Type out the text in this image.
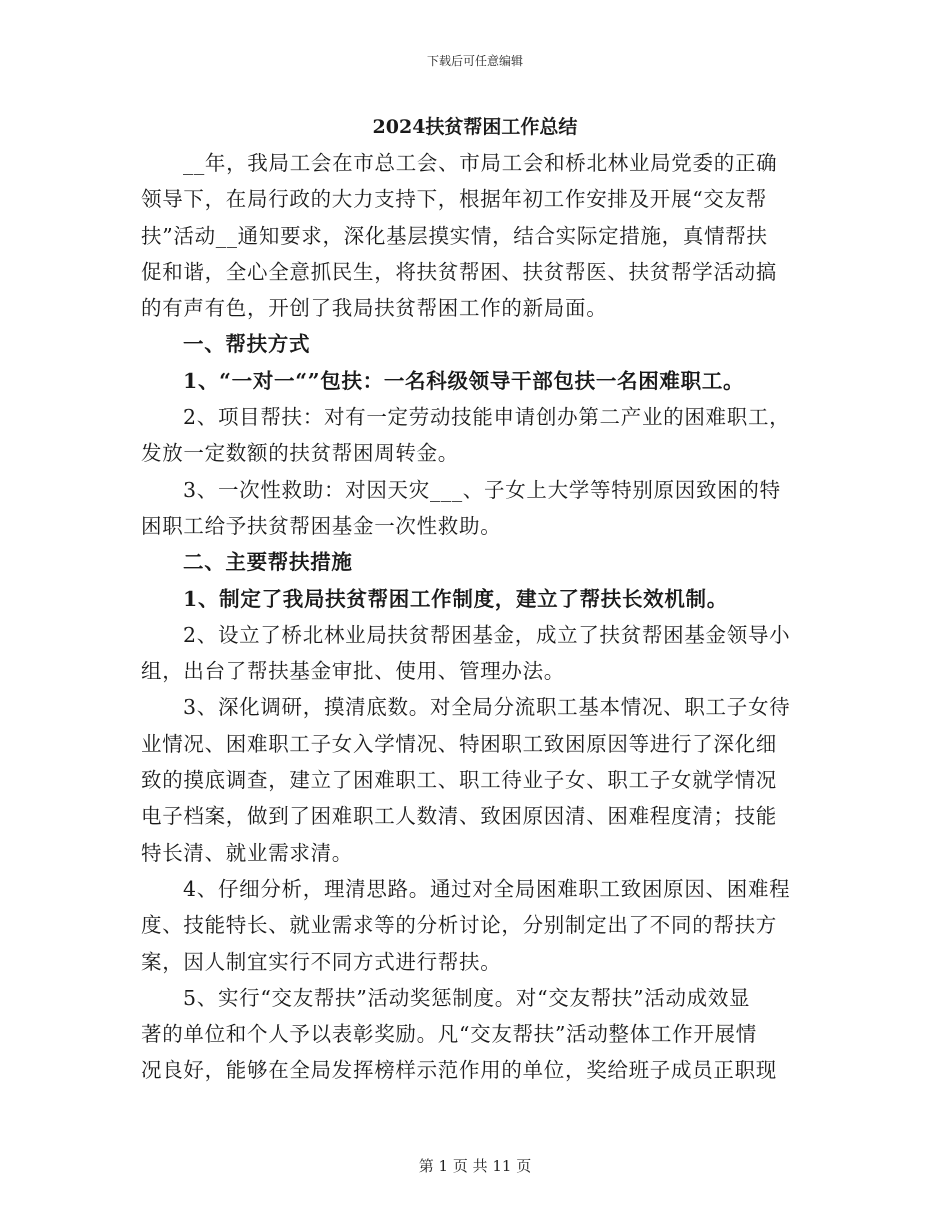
下载后可任意编辑
2024扶贫帮困工作总结
__年，我局工会在市总工会、市局工会和桥北林业局党委的正确
领导下，在局行政的大力支持下，根据年初工作安排及开展“交友帮
扶”活动__通知要求，深化基层摸实情，结合实际定措施，真情帮扶
促和谐，全心全意抓民生，将扶贫帮困、扶贫帮医、扶贫帮学活动搞
的有声有色，开创了我局扶贫帮困工作的新局面。
一、帮扶方式
1、“一对一“”包扶：一名科级领导干部包扶一名困难职工。
2、项目帮扶：对有一定劳动技能申请创办第二产业的困难职工，
发放一定数额的扶贫帮困周转金。
3、一次性救助：对因天灾___、子女上大学等特别原因致困的特
困职工给予扶贫帮困基金一次性救助。
二、主要帮扶措施
1、制定了我局扶贫帮困工作制度，建立了帮扶长效机制。
2、设立了桥北林业局扶贫帮困基金，成立了扶贫帮困基金领导小
组，出台了帮扶基金审批、使用、管理办法。
3、深化调研，摸清底数。对全局分流职工基本情况、职工子女待
业情况、困难职工子女入学情况、特困职工致困原因等进行了深化细
致的摸底调查，建立了困难职工、职工待业子女、职工子女就学情况
电子档案，做到了困难职工人数清、致困原因清、困难程度清；技能
特长清、就业需求清。
4、仔细分析，理清思路。通过对全局困难职工致困原因、困难程
度、技能特长、就业需求等的分析讨论，分别制定出了不同的帮扶方
案，因人制宜实行不同方式进行帮扶。
5、实行“交友帮扶”活动奖惩制度。对“交友帮扶”活动成效显
著的单位和个人予以表彰奖励。凡“交友帮扶”活动整体工作开展情
况良好，能够在全局发挥榜样示范作用的单位，奖给班子成员正职现
第 1 页 共 11 页
